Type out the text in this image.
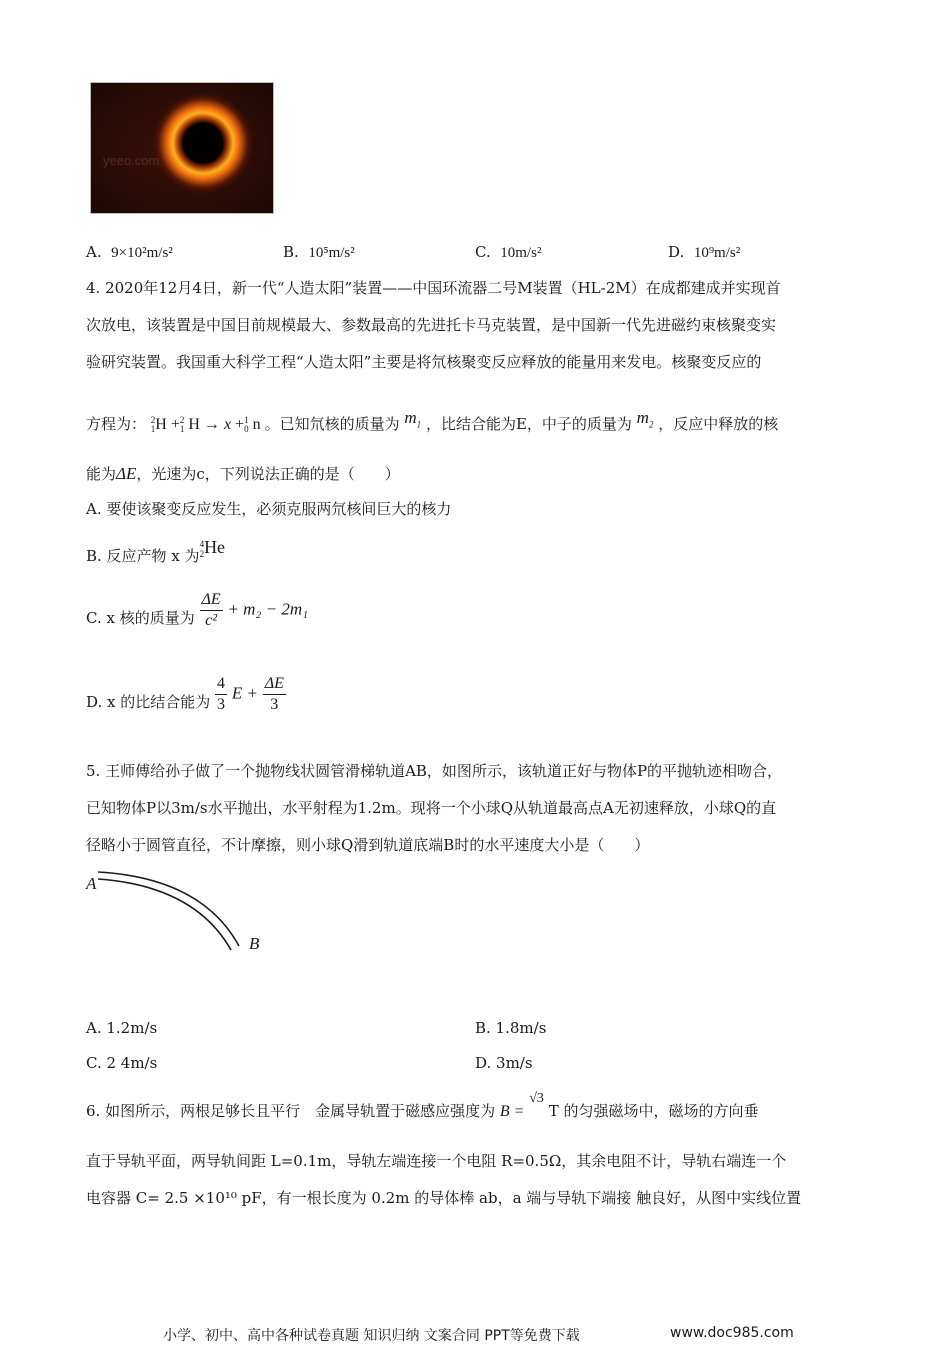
yeeo.com
A. 9×10²m/s²	B. 10⁵m/s²	C. 10m/s²	D. 10⁹m/s²
4. 2020年12月4日，新一代“人造太阳”装置——中国环流器二号M装置（HL-2M）在成都建成并实现首
次放电，该装置是中国目前规模最大、参数最高的先进托卡马克装置，是中国新一代先进磁约束核聚变实
验研究装置。我国重大科学工程“人造太阳”主要是将氘核聚变反应释放的能量用来发电。核聚变反应的
方程为： 2
1H +2
1 H → x +1
0 n 。已知氘核的质量为 $m_1$ ，比结合能为E，中子的质量为 $m_2$ ，反应中释放的核
能为ΔE，光速为c，下列说法正确的是（　　）
A. 要使该聚变反应发生，必须克服两氘核间巨大的核力
B. 反应产物 x 为4
2He
C. x 核的质量为 $\frac{\Delta E}{\text{c²}} + m_2 - 2m_1$
D. x 的比结合能为 $\frac{4}{3}$ $E + \frac{\Delta E}{3}$
5. 王师傅给孙子做了一个抛物线状圆管滑梯轨道AB，如图所示，该轨道正好与物体P的平抛轨迹相吻合，
已知物体P以3m/s水平抛出，水平射程为1.2m。现将一个小球Q从轨道最高点A无初速释放，小球Q的直
径略小于圆管直径，不计摩擦，则小球Q滑到轨道底端B时的水平速度大小是（　　）
A
B
A. 1.2m/s	B. 1.8m/s
C. 2 4m/s	D. 3m/s
6. 如图所示，两根足够长且平行　金属导轨置于磁感应强度为 B = √3 T 的匀强磁场中，磁场的方向垂
直于导轨平面，两导轨间距 L=0.1m，导轨左端连接一个电阻 R=0.5Ω，其余电阻不计，导轨右端连一个
电容器 C= 2.5 ×10¹⁰ pF，有一根长度为 0.2m 的导体棒 ab，a 端与导轨下端接 触良好，从图中实线位置
小学、初中、高中各种试卷真题 知识归纳 文案合同 PPT等免费下载	www.doc985.com
